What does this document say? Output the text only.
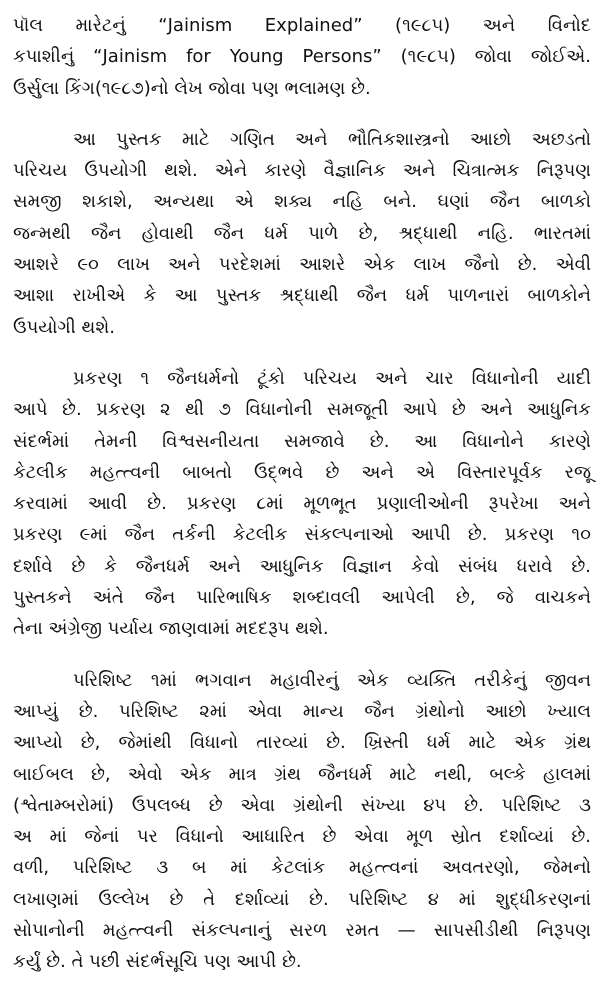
પૉલ મારેટનું “Jainism Explained” (૧૯૮૫) અને વિનોદ
કપાશીનું “Jainism for Young Persons” (૧૯૮૫) જોવા જોઈએ.
ઉર્સુલા કિંગ(૧૯૮૭)નો લેખ જોવા પણ ભલામણ છે.
આ પુસ્તક માટે ગણિત અને ભૌતિકશાસ્ત્રનો આછો અછડતો
પરિચય ઉપયોગી થશે. એને કારણે વૈજ્ઞાનિક અને ચિત્રાત્મક નિરૂપણ
સમજી શકાશે, અન્યથા એ શક્ય નહિ બને. ઘણાં જૈન બાળકો
જન્મથી જૈન હોવાથી જૈન ધર્મ પાળે છે, શ્રદ્ધાથી નહિ. ભારતમાં
આશરે ૯૦ લાખ અને પરદેશમાં આશરે એક લાખ જૈનો છે. એવી
આશા રાખીએ કે આ પુસ્તક શ્રદ્ધાથી જૈન ધર્મ પાળનારાં બાળકોને
ઉપયોગી થશે.
પ્રકરણ ૧ જૈનધર્મનો ટૂંકો પરિચય અને ચાર વિધાનોની યાદી
આપે છે. પ્રકરણ ૨ થી ૭ વિધાનોની સમજૂતી આપે છે અને આધુનિક
સંદર્ભમાં તેમની વિશ્વસનીયતા સમજાવે છે. આ વિધાનોને કારણે
કેટલીક મહત્ત્વની બાબતો ઉદ્ભવે છે અને એ વિસ્તારપૂર્વક રજૂ
કરવામાં આવી છે. પ્રકરણ ૮માં મૂળભૂત પ્રણાલીઓની રૂપરેખા અને
પ્રકરણ ૯માં જૈન તર્કની કેટલીક સંકલ્પનાઓ આપી છે. પ્રકરણ ૧૦
દર્શાવે છે કે જૈનધર્મ અને આધુનિક વિજ્ઞાન કેવો સંબંધ ધરાવે છે.
પુસ્તકને અંતે જૈન પારિભાષિક શબ્દાવલી આપેલી છે, જે વાચકને
તેના અંગ્રેજી પર્યાય જાણવામાં મદદરૂપ થશે.
પરિશિષ્ટ ૧માં ભગવાન મહાવીરનું એક વ્યક્તિ તરીકેનું જીવન
આપ્યું છે. પરિશિષ્ટ ૨માં એવા માન્ય જૈન ગ્રંથોનો આછો ખ્યાલ
આપ્યો છે, જેમાંથી વિધાનો તારવ્યાં છે. ખ્રિસ્તી ધર્મ માટે એક ગ્રંથ
બાઈબલ છે, એવો એક માત્ર ગ્રંથ જૈનધર્મ માટે નથી, બલ્કે હાલમાં
(શ્વેતામ્બરોમાં) ઉપલબ્ધ છે એવા ગ્રંથોની સંખ્યા ૪૫ છે. પરિશિષ્ટ ૩
અ માં જેનાં પર વિધાનો આધારિત છે એવા મૂળ સ્રોત દર્શાવ્યાં છે.
વળી, પરિશિષ્ટ ૩ બ માં કેટલાંક મહત્ત્વનાં અવતરણો, જેમનો
લખાણમાં ઉલ્લેખ છે તે દર્શાવ્યાં છે. પરિશિષ્ટ ૪ માં શુદ્ધીકરણનાં
સોપાનોની મહત્ત્વની સંકલ્પનાનું સરળ રમત — સાપસીડીથી નિરૂપણ
કર્યું છે. તે પછી સંદર્ભસૂચિ પણ આપી છે.
